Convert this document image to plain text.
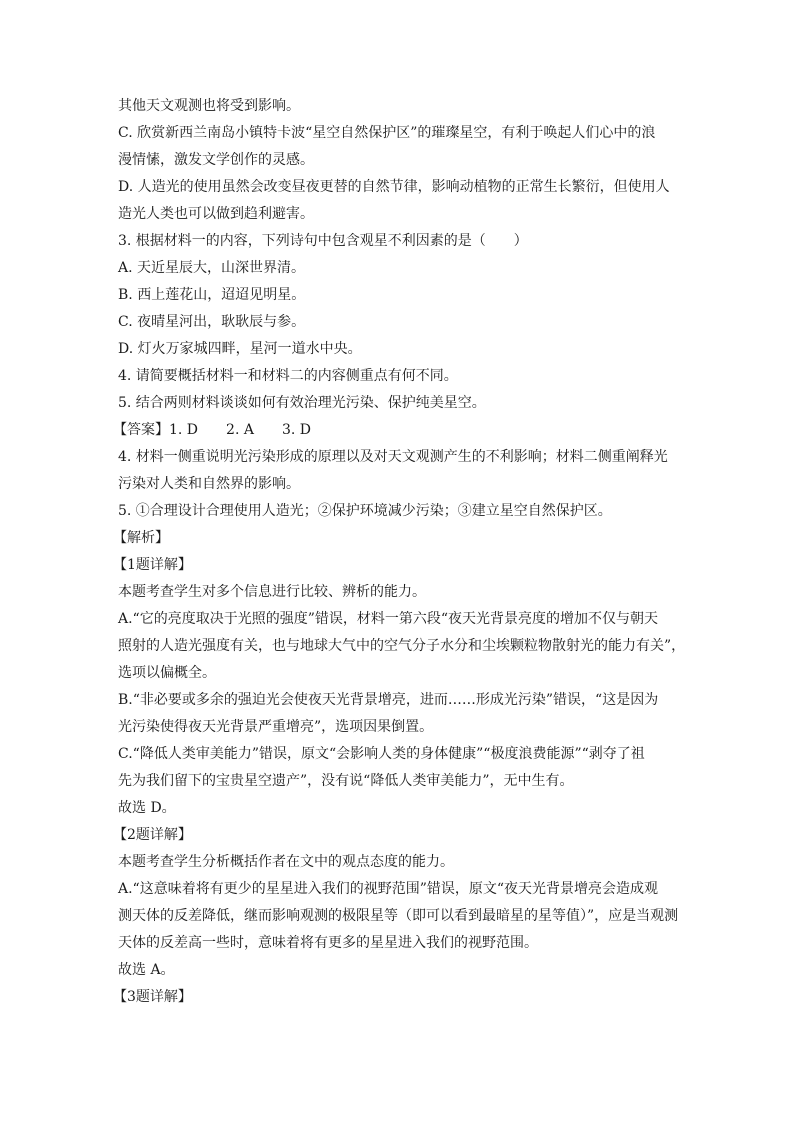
其他天文观测也将受到影响。
C. 欣赏新西兰南岛小镇特卡波“星空自然保护区”的璀璨星空，有利于唤起人们心中的浪
漫情愫，激发文学创作的灵感。
D. 人造光的使用虽然会改变昼夜更替的自然节律，影响动植物的正常生长繁衍，但使用人
造光人类也可以做到趋利避害。
3. 根据材料一的内容，下列诗句中包含观星不利因素的是（　　）
A. 天近星辰大，山深世界清。
B. 西上莲花山，迢迢见明星。
C. 夜晴星河出，耿耿辰与参。
D. 灯火万家城四畔，星河一道水中央。
4. 请简要概括材料一和材料二的内容侧重点有何不同。
5. 结合两则材料谈谈如何有效治理光污染、保护纯美星空。
【答案】1. D　　2. A　　3. D
4. 材料一侧重说明光污染形成的原理以及对天文观测产生的不利影响；材料二侧重阐释光
污染对人类和自然界的影响。
5. ①合理设计合理使用人造光；②保护环境减少污染；③建立星空自然保护区。
【解析】
【1题详解】
本题考查学生对多个信息进行比较、辨析的能力。
A.“它的亮度取决于光照的强度”错误，材料一第六段“夜天光背景亮度的增加不仅与朝天
照射的人造光强度有关，也与地球大气中的空气分子水分和尘埃颗粒物散射光的能力有关”，
选项以偏概全。
B.“非必要或多余的强迫光会使夜天光背景增亮，进而……形成光污染”错误，“这是因为
光污染使得夜天光背景严重增亮”，选项因果倒置。
C.“降低人类审美能力”错误，原文“会影响人类的身体健康”“极度浪费能源”“剥夺了祖
先为我们留下的宝贵星空遗产”，没有说“降低人类审美能力”，无中生有。
故选 D。
【2题详解】
本题考查学生分析概括作者在文中的观点态度的能力。
A.“这意味着将有更少的星星进入我们的视野范围”错误，原文“夜天光背景增亮会造成观
测天体的反差降低，继而影响观测的极限星等（即可以看到最暗星的星等值）”，应是当观测
天体的反差高一些时，意味着将有更多的星星进入我们的视野范围。
故选 A。
【3题详解】
